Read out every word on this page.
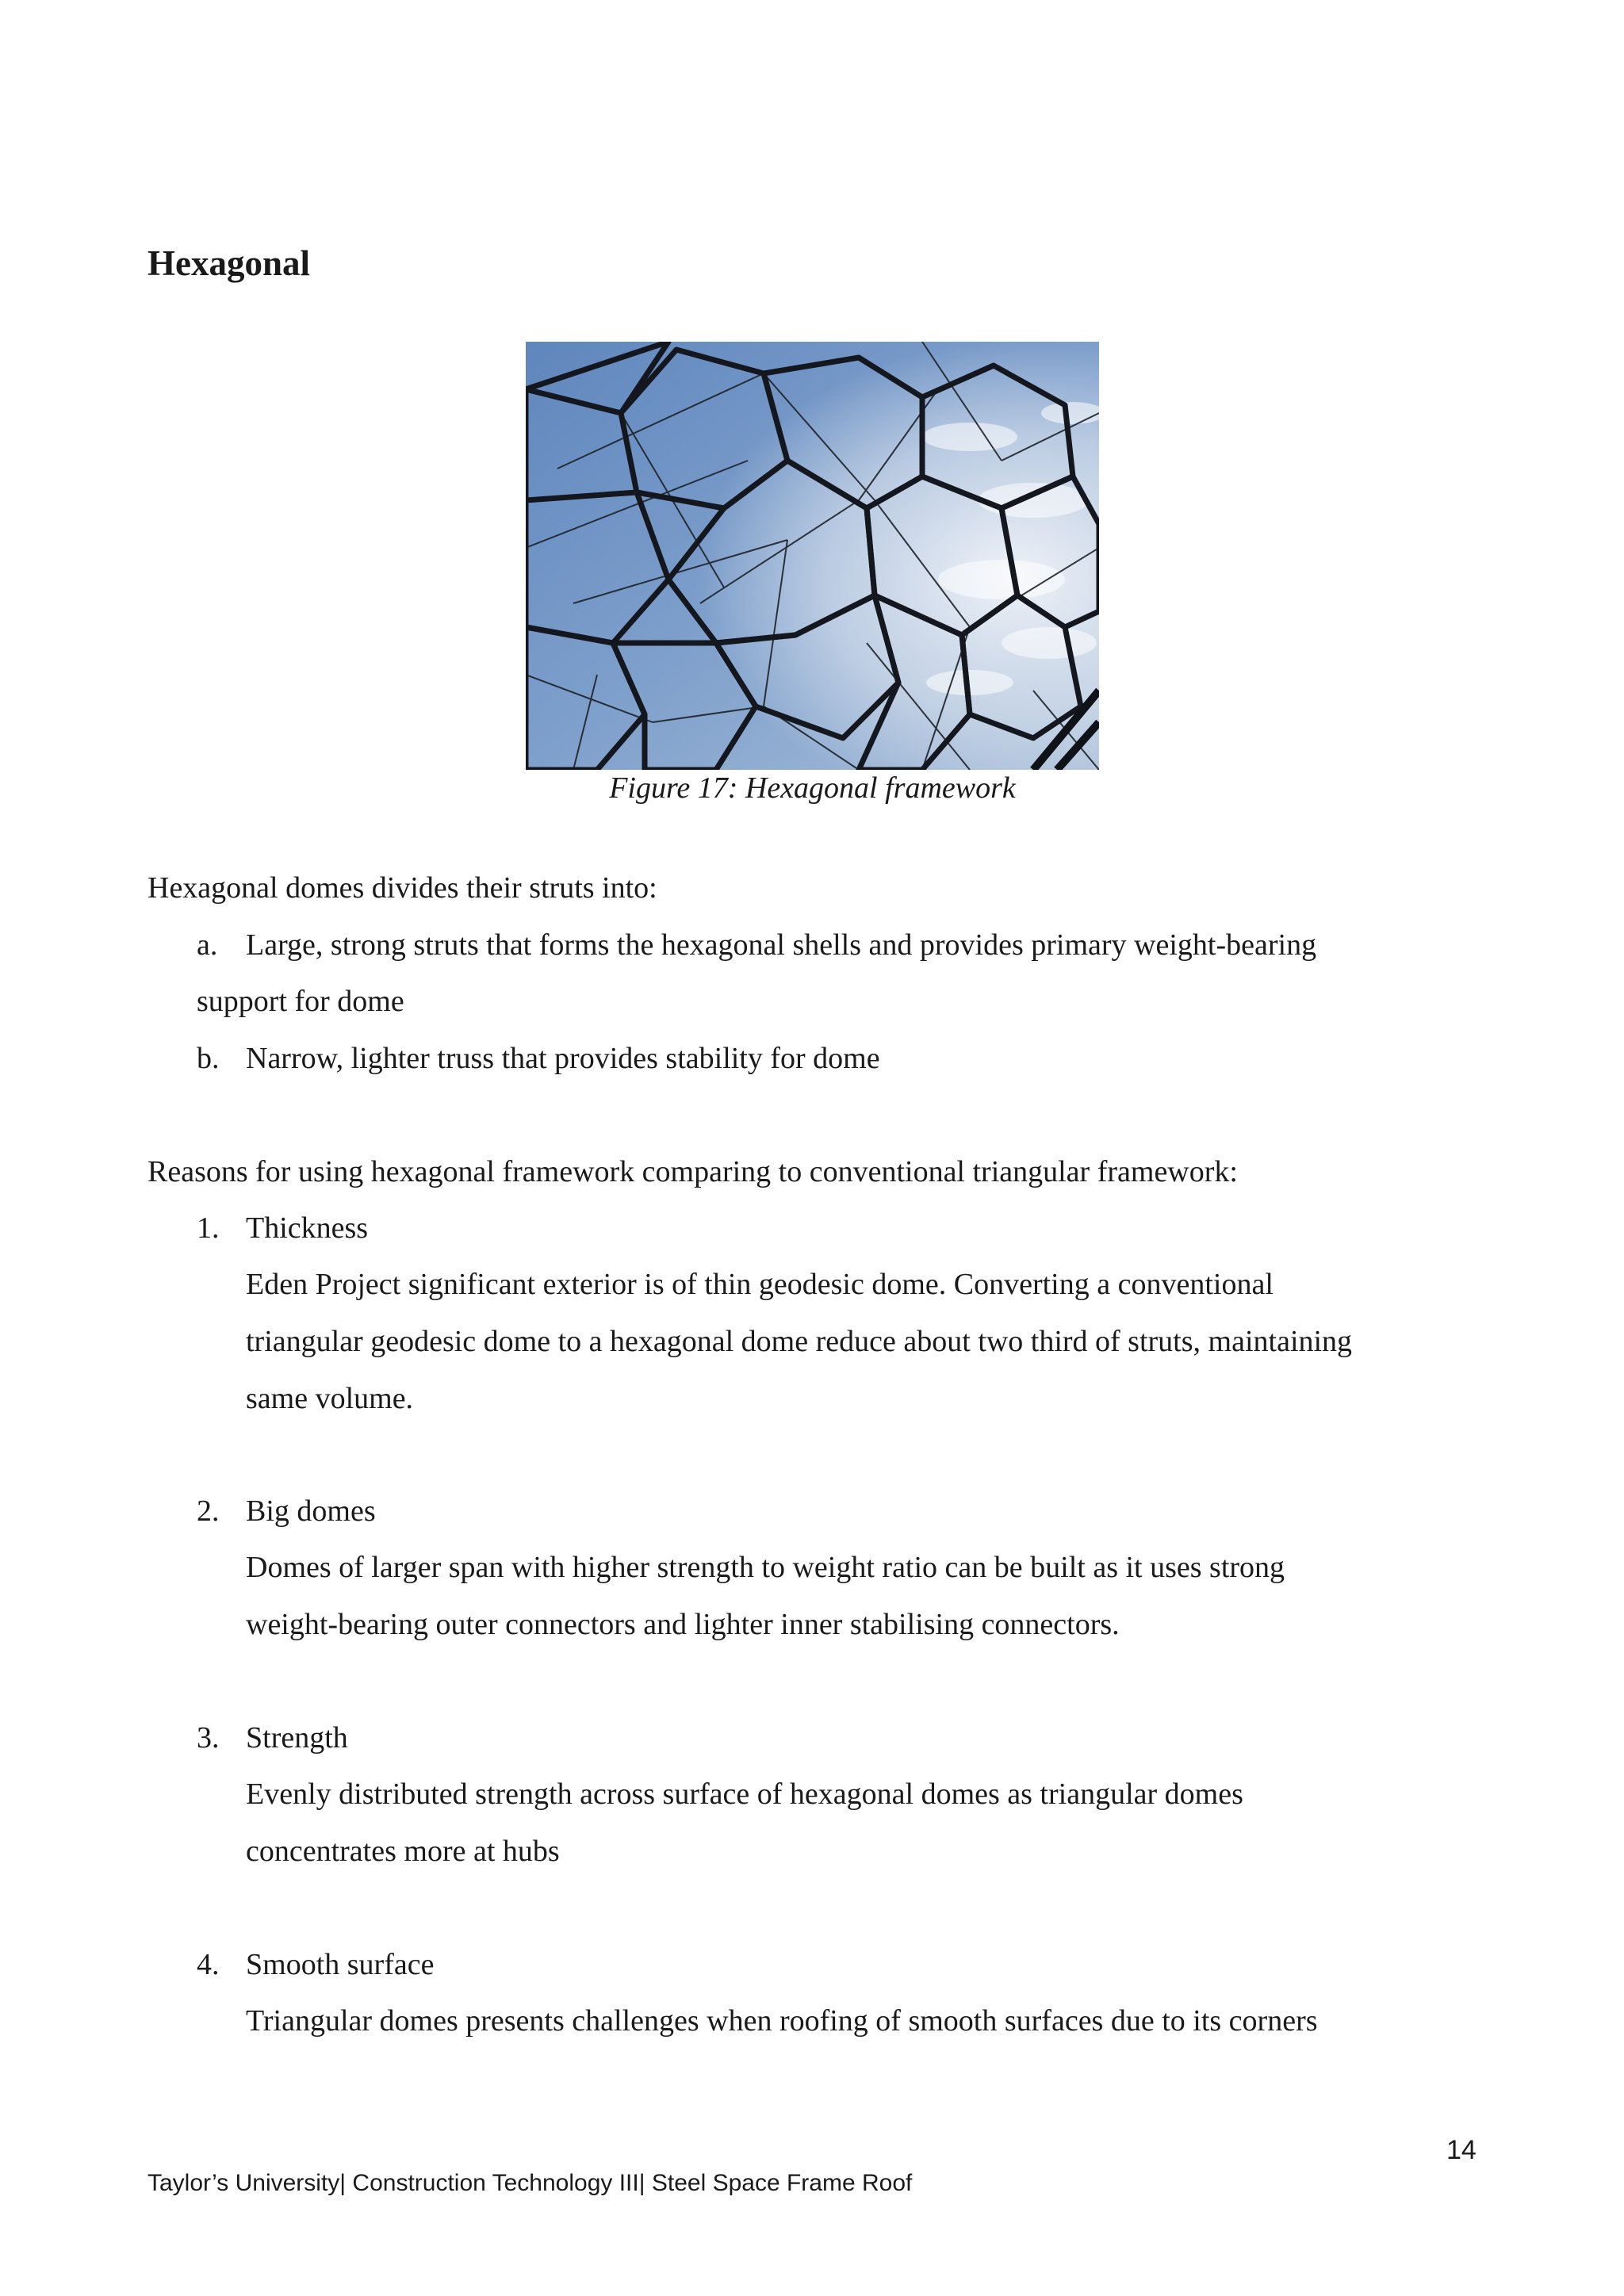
Hexagonal
Figure 17: Hexagonal framework
Hexagonal domes divides their struts into:
a. Large, strong struts that forms the hexagonal shells and provides primary weight-bearing
support for dome
b. Narrow, lighter truss that provides stability for dome
Reasons for using hexagonal framework comparing to conventional triangular framework:
1. Thickness
Eden Project significant exterior is of thin geodesic dome. Converting a conventional
triangular geodesic dome to a hexagonal dome reduce about two third of struts, maintaining
same volume.
2. Big domes
Domes of larger span with higher strength to weight ratio can be built as it uses strong
weight-bearing outer connectors and lighter inner stabilising connectors.
3. Strength
Evenly distributed strength across surface of hexagonal domes as triangular domes
concentrates more at hubs
4. Smooth surface
Triangular domes presents challenges when roofing of smooth surfaces due to its corners
14
Taylor’s University| Construction Technology III| Steel Space Frame Roof
